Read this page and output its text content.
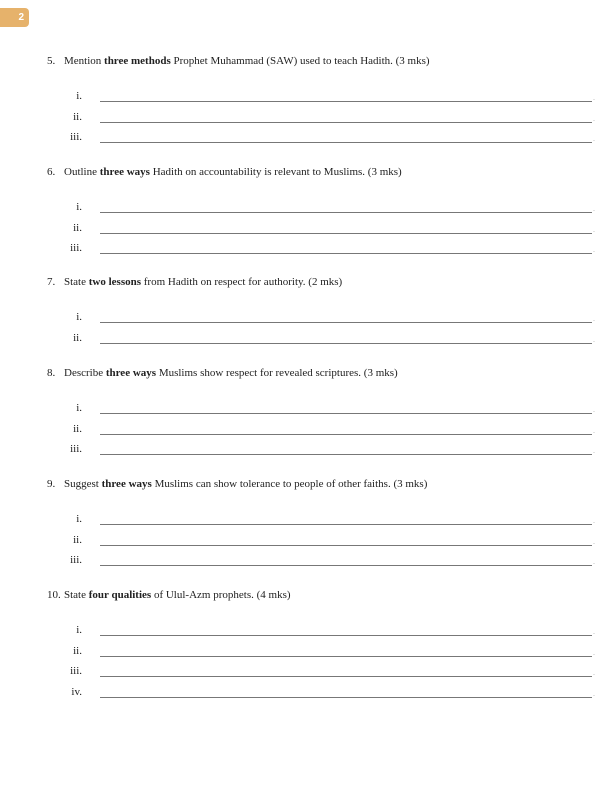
2
5. Mention three methods Prophet Muhammad (SAW) used to teach Hadith. (3 mks)
i.	.
ii.	.
iii.	.
6. Outline three ways Hadith on accountability is relevant to Muslims. (3 mks)
i.	.
ii.	.
iii.	.
7. State two lessons from Hadith on respect for authority. (2 mks)
i.	.
ii.	.
8. Describe three ways Muslims show respect for revealed scriptures. (3 mks)
i.	.
ii.	.
iii.	.
9. Suggest three ways Muslims can show tolerance to people of other faiths. (3 mks)
i.	.
ii.	.
iii.	.
10. State four qualities of Ulul-Azm prophets. (4 mks)
i.	.
ii.	.
iii.	.
iv.	.
